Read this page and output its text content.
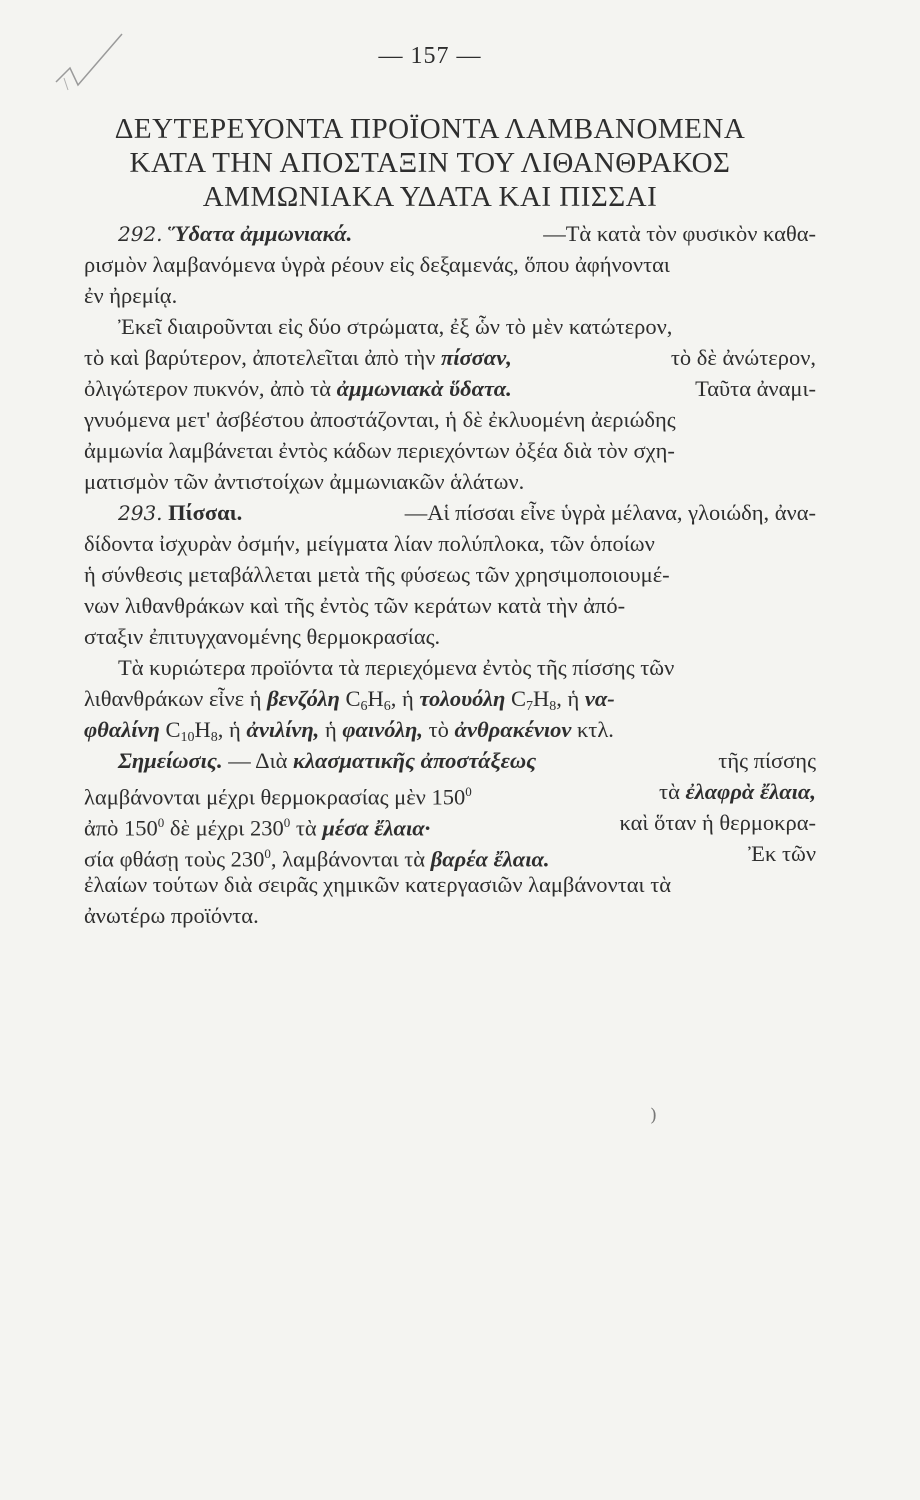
— 157 —
ΔΕΥΤΕΡΕΥΟΝΤΑ ΠΡΟΪΟΝΤΑ ΛΑΜΒΑΝΟΜΕΝΑ
ΚΑΤΑ ΤΗΝ ΑΠΟΣΤΑΞΙΝ ΤΟΥ ΛΙΘΑΝΘΡΑΚΟΣ
ΑΜΜΩΝΙΑΚΑ ΥΔΑΤΑ ΚΑΙ ΠΙΣΣΑΙ
292. Ὕδατα ἀμμωνιακά.	—Τὰ κατὰ τὸν φυσικὸν καθα-
ρισμὸν λαμβανόμενα ὑγρὰ ρέουν εἰς δεξαμενάς, ὅπου ἀφήνονται
ἐν ἠρεμίᾳ.
Ἐκεῖ διαιροῦνται εἰς δύο στρώματα, ἐξ ὧν τὸ μὲν κατώτερον,
τὸ καὶ βαρύτερον, ἀποτελεῖται ἀπὸ τὴν πίσσαν,	τὸ δὲ ἀνώτερον,
ὀλιγώτερον πυκνόν, ἀπὸ τὰ ἀμμωνιακὰ ὕδατα.	Ταῦτα ἀναμι-
γνυόμενα μετ' ἀσβέστου ἀποστάζονται, ἡ δὲ ἐκλυομένη ἀεριώδης
ἀμμωνία λαμβάνεται ἐντὸς κάδων περιεχόντων ὀξέα διὰ τὸν σχη-
ματισμὸν τῶν ἀντιστοίχων ἀμμωνιακῶν ἁλάτων.
293. Πίσσαι.	—Αἱ πίσσαι εἶνε ὑγρὰ μέλανα, γλοιώδη, ἀνα-
δίδοντα ἰσχυρὰν ὀσμήν, μείγματα λίαν πολύπλοκα, τῶν ὁποίων
ἡ σύνθεσις μεταβάλλεται μετὰ τῆς φύσεως τῶν χρησιμοποιουμέ-
νων λιθανθράκων καὶ τῆς ἐντὸς τῶν κεράτων κατὰ τὴν ἀπό-
σταξιν ἐπιτυγχανομένης θερμοκρασίας.
Τὰ κυριώτερα προϊόντα τὰ περιεχόμενα ἐντὸς τῆς πίσσης τῶν
λιθανθράκων εἶνε ἡ βενζόλη $C_6H_6$, ἡ τολουόλη $C_7H_8$, ἡ να-
φθαλίνη $C_{10}H_8$, ἡ ἀνιλίνη, ἡ φαινόλη, τὸ ἀνθρακένιον κτλ.
Σημείωσις. — Διὰ κλασματικῆς ἀποστάξεως	τῆς πίσσης
λαμβάνονται μέχρι θερμοκρασίας μὲν $150^0$	τὰ ἐλαφρὰ ἔλαια,
ἀπὸ $150^0$ δὲ μέχρι $230^0$ τὰ μέσα ἔλαια·	καὶ ὅταν ἡ θερμοκρα-
σία φθάσῃ τοὺς $230^0$, λαμβάνονται τὰ βαρέα ἔλαια.	Ἐκ τῶν
ἐλαίων τούτων διὰ σειρᾶς χημικῶν κατεργασιῶν λαμβάνονται τὰ
ἀνωτέρω προϊόντα.
)
